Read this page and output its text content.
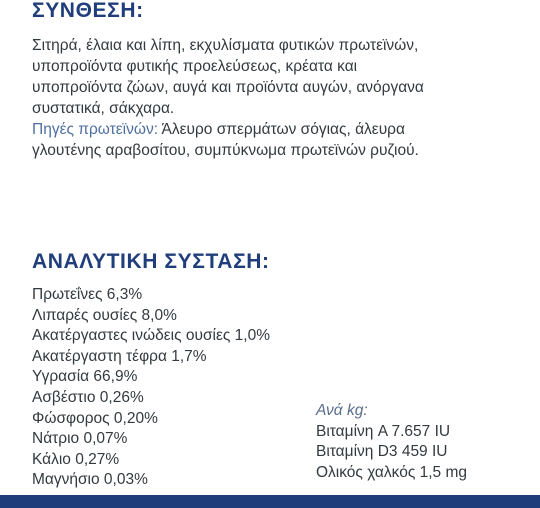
ΣΥΝΘΕΣΗ:
Σιτηρά, έλαια και λίπη, εκχυλίσματα φυτικών πρωτεϊνών,
υποπροϊόντα φυτικής προελεύσεως, κρέατα και
υποπροϊόντα ζώων, αυγά και προϊόντα αυγών, ανόργανα
συστατικά, σάκχαρα.
Πηγές πρωτεϊνών: Άλευρο σπερμάτων σόγιας, άλευρα
γλουτένης αραβοσίτου, συμπύκνωμα πρωτεϊνών ρυζιού.
ΑΝΑΛΥΤΙΚΗ ΣΥΣΤΑΣΗ:
Πρωτεΐνες 6,3%
Λιπαρές ουσίες 8,0%
Ακατέργαστες ινώδεις ουσίες 1,0%
Ακατέργαστη τέφρα 1,7%
Υγρασία 66,9%
Ασβέστιο 0,26%
Φώσφορος 0,20%
Νάτριο 0,07%
Κάλιο 0,27%
Μαγνήσιο 0,03%
Ανά kg:
Βιταμίνη A 7.657 IU
Βιταμίνη D3 459 IU
Ολικός χαλκός 1,5 mg
